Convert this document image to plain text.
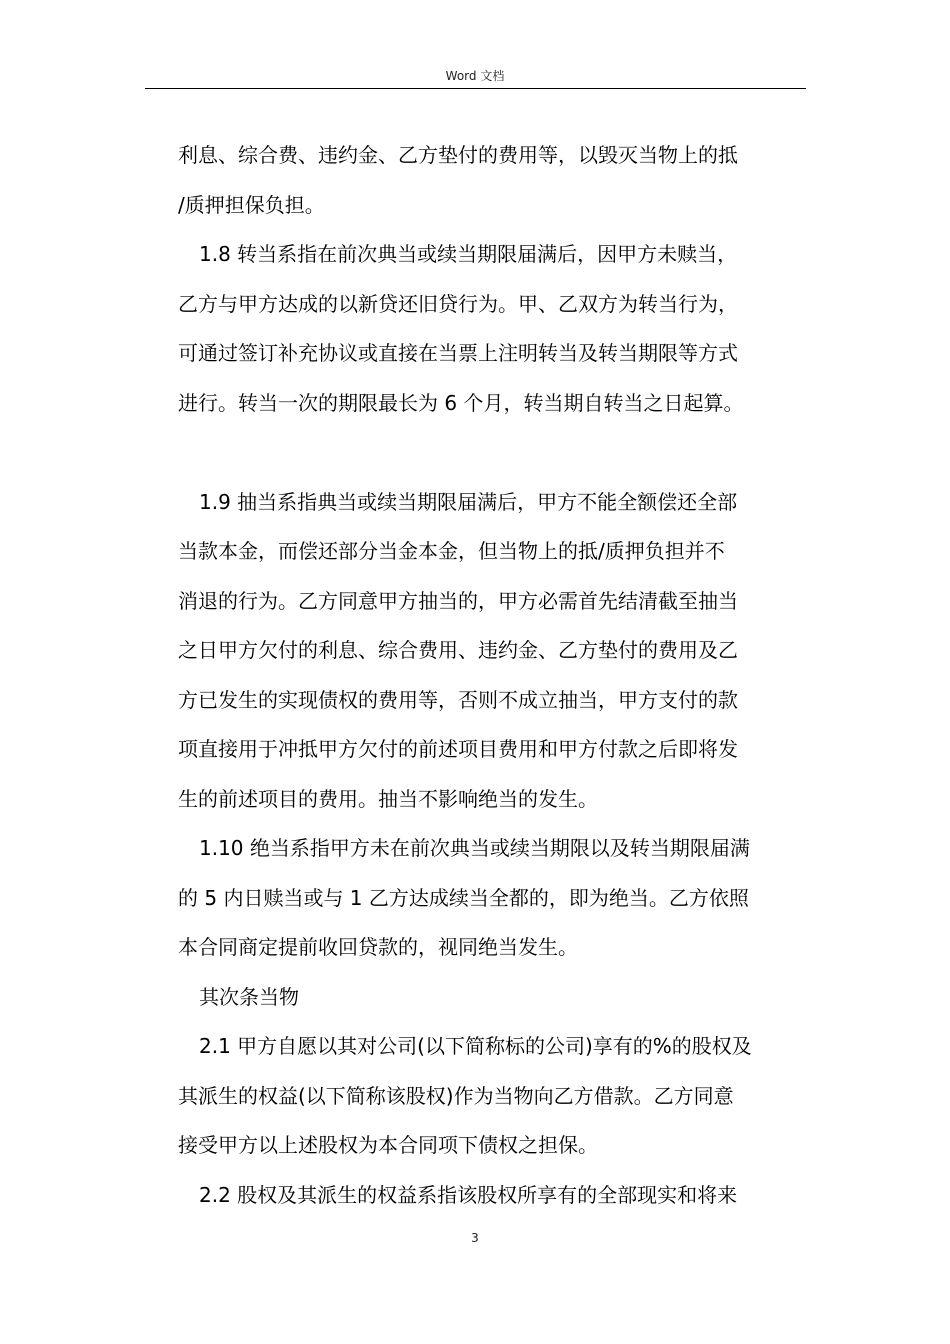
Word 文档

利息、综合费、违约金、乙方垫付的费用等，以毁灭当物上的抵
/质押担保负担。

1.8 转当系指在前次典当或续当期限届满后，因甲方未赎当，
乙方与甲方达成的以新贷还旧贷行为。甲、乙双方为转当行为，
可通过签订补充协议或直接在当票上注明转当及转当期限等方式
进行。转当一次的期限最长为 6 个月，转当期自转当之日起算。

1.9 抽当系指典当或续当期限届满后，甲方不能全额偿还全部
当款本金，而偿还部分当金本金，但当物上的抵/质押负担并不
消退的行为。乙方同意甲方抽当的，甲方必需首先结清截至抽当
之日甲方欠付的利息、综合费用、违约金、乙方垫付的费用及乙
方已发生的实现债权的费用等，否则不成立抽当，甲方支付的款
项直接用于冲抵甲方欠付的前述项目费用和甲方付款之后即将发
生的前述项目的费用。抽当不影响绝当的发生。

1.10 绝当系指甲方未在前次典当或续当期限以及转当期限届满
的 5 内日赎当或与 1 乙方达成续当全都的，即为绝当。乙方依照
本合同商定提前收回贷款的，视同绝当发生。

其次条当物

2.1 甲方自愿以其对公司(以下简称标的公司)享有的%的股权及
其派生的权益(以下简称该股权)作为当物向乙方借款。乙方同意
接受甲方以上述股权为本合同项下债权之担保。

2.2 股权及其派生的权益系指该股权所享有的全部现实和将来

3
